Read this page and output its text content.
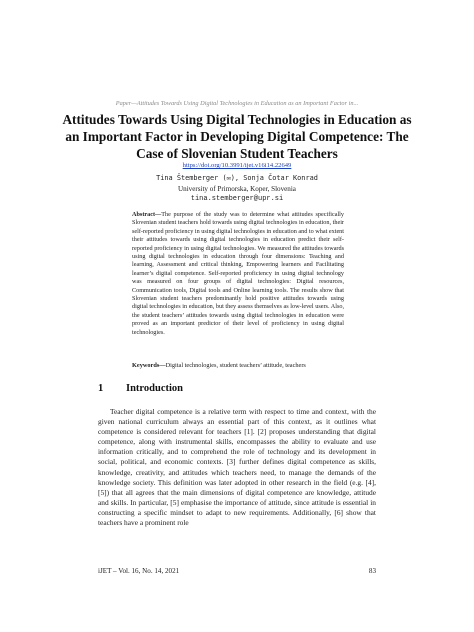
Paper—Attitudes Towards Using Digital Technologies in Education as an Important Factor in...
Attitudes Towards Using Digital Technologies in Education as an Important Factor in Developing Digital Competence: The Case of Slovenian Student Teachers
https://doi.org/10.3991/ijet.v16i14.22649
Tina Štemberger (✉), Sonja Čotar Konrad
University of Primorska, Koper, Slovenia
tina.stemberger@upr.si
Abstract—The purpose of the study was to determine what attitudes specifically Slovenian student teachers hold towards using digital technologies in education, their self-reported proficiency in using digital technologies in education and to what extent their attitudes towards using digital technologies in education predict their self-reported proficiency in using digital technologies. We measured the attitudes towards using digital technologies in education through four dimensions: Teaching and learning, Assessment and critical thinking, Empowering learners and Facilitating learner’s digital competence. Self-reported proficiency in using digital technology was measured on four groups of digital technologies: Digital resources, Communication tools, Digital tools and Online learning tools. The results show that Slovenian student teachers predominantly hold positive attitudes towards using digital technologies in education, but they assess themselves as low-level users. Also, the student teachers’ attitudes towards using digital technologies in education were proved as an important predictor of their level of proficiency in using digital technologies.
Keywords—Digital technologies, student teachers’ attitude, teachers
1 Introduction
Teacher digital competence is a relative term with respect to time and context, with the given national curriculum always an essential part of this context, as it outlines what competence is considered relevant for teachers [1]. [2] proposes understanding that digital competence, along with instrumental skills, encompasses the ability to evaluate and use information critically, and to comprehend the role of technology and its development in social, political, and economic contexts. [3] further defines digital competence as skills, knowledge, creativity, and attitudes which teachers need, to manage the demands of the knowledge society. This definition was later adopted in other research in the field (e.g. [4], [5]) that all agrees that the main dimensions of digital competence are knowledge, attitude and skills. In particular, [5] emphasise the importance of attitude, since attitude is essential in constructing a specific mindset to adapt to new requirements. Additionally, [6] show that teachers have a prominent role
iJET – Vol. 16, No. 14, 2021	83
